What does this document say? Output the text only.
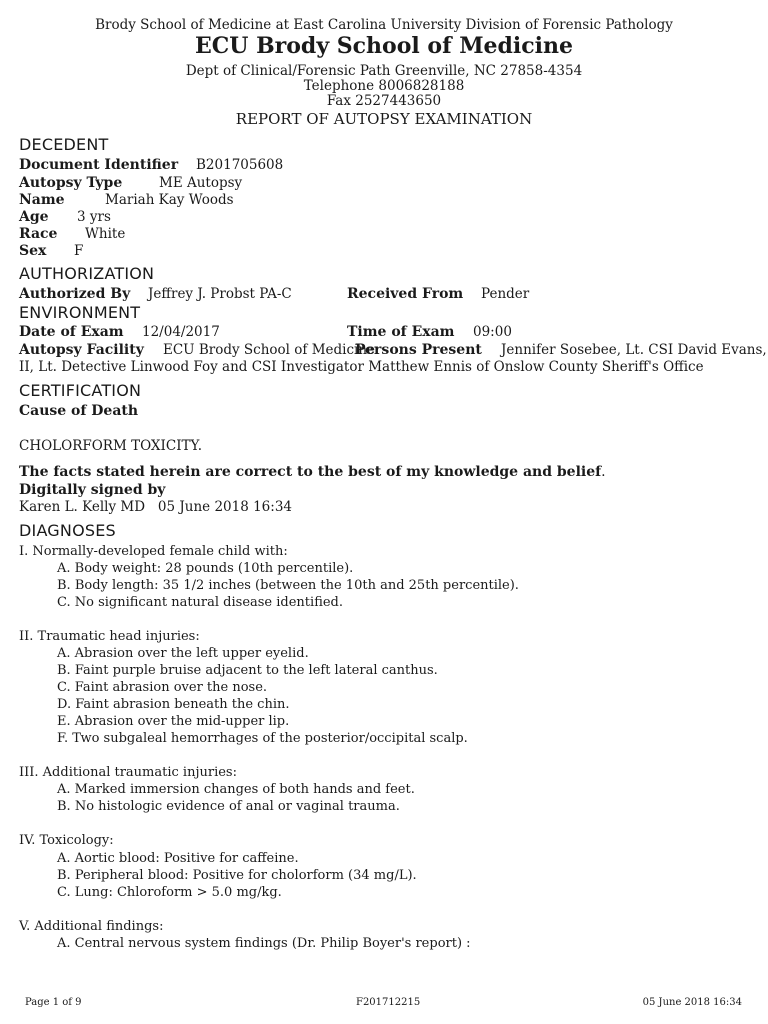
Brody School of Medicine at East Carolina University Division of Forensic Pathology
ECU Brody School of Medicine
Dept of Clinical/Forensic Path Greenville, NC 27858-4354
Telephone 8006828188
Fax 2527443650
REPORT OF AUTOPSY EXAMINATION
DECEDENT
Document Identifier B201705608
Autopsy Type	ME Autopsy
Name	Mariah Kay Woods
Age 3 yrs
Race White
Sex F
AUTHORIZATION
Authorized By Jeffrey J. Probst PA-C	Received From Pender
ENVIRONMENT
Date of Exam 12/04/2017	Time of Exam 09:00
Autopsy Facility ECU Brody School of Medicine
Persons Present Jennifer Sosebee, Lt. CSI David Evans,
II, Lt. Detective Linwood Foy and CSI Investigator Matthew Ennis of Onslow County Sheriff's Office
CERTIFICATION
Cause of Death
CHOLORFORM TOXICITY.
The facts stated herein are correct to the best of my knowledge and belief.
Digitally signed by
Karen L. Kelly MD   05 June 2018 16:34
DIAGNOSES
I. Normally-developed female child with:
A. Body weight: 28 pounds (10th percentile).
B. Body length: 35 1/2 inches (between the 10th and 25th percentile).
C. No significant natural disease identified.
II. Traumatic head injuries:
A. Abrasion over the left upper eyelid.
B. Faint purple bruise adjacent to the left lateral canthus.
C. Faint abrasion over the nose.
D. Faint abrasion beneath the chin.
E. Abrasion over the mid-upper lip.
F. Two subgaleal hemorrhages of the posterior/occipital scalp.
III. Additional traumatic injuries:
A. Marked immersion changes of both hands and feet.
B. No histologic evidence of anal or vaginal trauma.
IV. Toxicology:
A. Aortic blood: Positive for caffeine.
B. Peripheral blood: Positive for cholorform (34 mg/L).
C. Lung: Chloroform > 5.0 mg/kg.
V. Additional findings:
A. Central nervous system findings (Dr. Philip Boyer's report) :
Page 1 of 9	F201712215	05 June 2018 16:34
